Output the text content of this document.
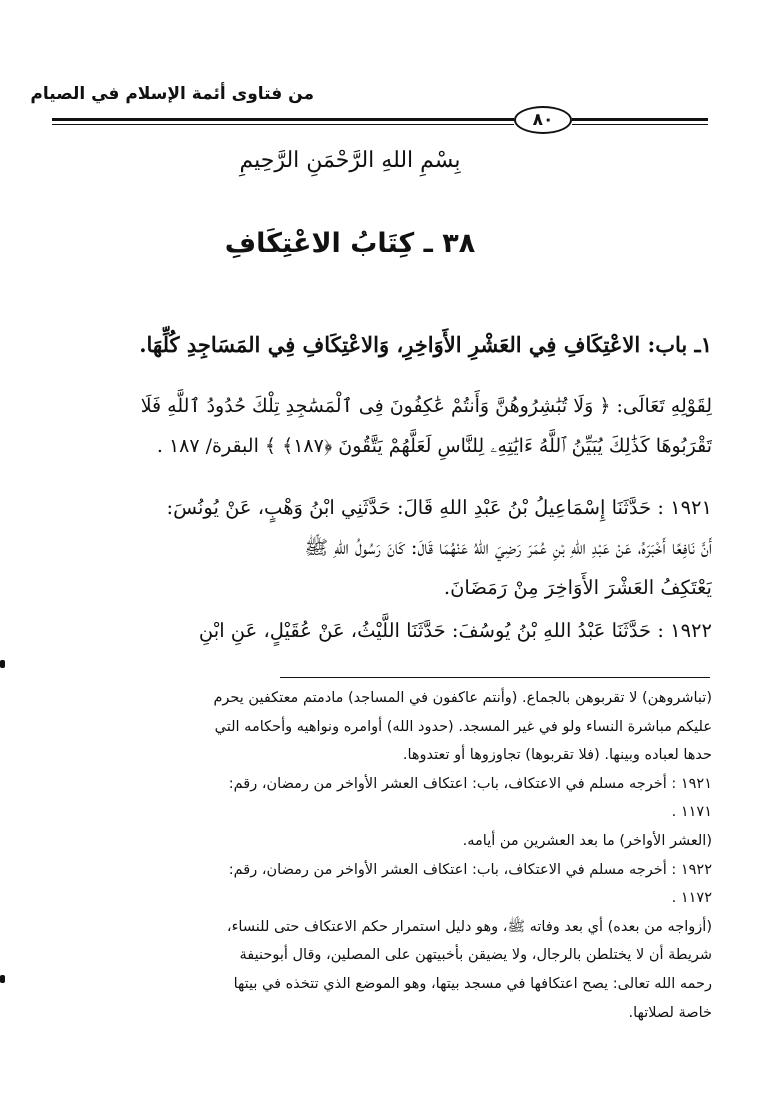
من فتاوى أئمة الإسلام في الصيام
٨٠
بِسْمِ اللهِ الرَّحْمَنِ الرَّحِيمِ
٣٨ ـ كِتَابُ الاعْتِكَافِ
١ـ باب: الاعْتِكَافِ فِي العَشْرِ الأَوَاخِرِ، وَالاعْتِكَافِ فِي المَسَاجِدِ كُلِّهَا.
لِقَوْلِهِ تَعَالَى: ﴿ وَلَا تُبَٰشِرُوهُنَّ وَأَنتُمْ عَٰكِفُونَ فِى ٱلْمَسَٰجِدِ تِلْكَ حُدُودُ ٱللَّهِ فَلَا
تَقْرَبُوهَا كَذَٰلِكَ يُبَيِّنُ ٱللَّهُ ءَايَٰتِهِۦ لِلنَّاسِ لَعَلَّهُمْ يَتَّقُونَ ﴿١٨٧﴾ ﴾ البقرة/ ١٨٧ .
١٩٢١ : حَدَّثَنَا إِسْمَاعِيلُ بْنُ عَبْدِ اللهِ قَالَ: حَدَّثَنِي ابْنُ وَهْبٍ، عَنْ يُونُسَ:
أَنَّ نَافِعًا أَخْبَرَهُ، عَنْ عَبْدِ اللهِ بْنِ عُمَرَ رَضِيَ اللهُ عَنْهُمَا قَالَ: كَانَ رَسُولُ اللهِ ﷺ
يَعْتَكِفُ العَشْرَ الأَوَاخِرَ مِنْ رَمَضَانَ.
١٩٢٢ : حَدَّثَنَا عَبْدُ اللهِ بْنُ يُوسُفَ: حَدَّثَنَا اللَّيْثُ، عَنْ عُقَيْلٍ، عَنِ ابْنِ
(تباشروهن) لا تقربوهن بالجماع. (وأنتم عاكفون في المساجد) مادمتم معتكفين يحرم
عليكم مباشرة النساء ولو في غير المسجد. (حدود الله) أوامره ونواهيه وأحكامه التي
حدها لعباده وبينها. (فلا تقربوها) تجاوزوها أو تعتدوها.
١٩٢١ : أخرجه مسلم في الاعتكاف، باب: اعتكاف العشر الأواخر من رمضان، رقم:
١١٧١ .
(العشر الأواخر) ما بعد العشرين من أيامه.
١٩٢٢ : أخرجه مسلم في الاعتكاف، باب: اعتكاف العشر الأواخر من رمضان، رقم:
١١٧٢ .
(أزواجه من بعده) أي بعد وفاته ﷺ، وهو دليل استمرار حكم الاعتكاف حتى للنساء،
شريطة أن لا يختلطن بالرجال، ولا يضيقن بأخبيتهن على المصلين، وقال أبوحنيفة
رحمه الله تعالى: يصح اعتكافها في مسجد بيتها، وهو الموضع الذي تتخذه في بيتها
خاصة لصلاتها.
